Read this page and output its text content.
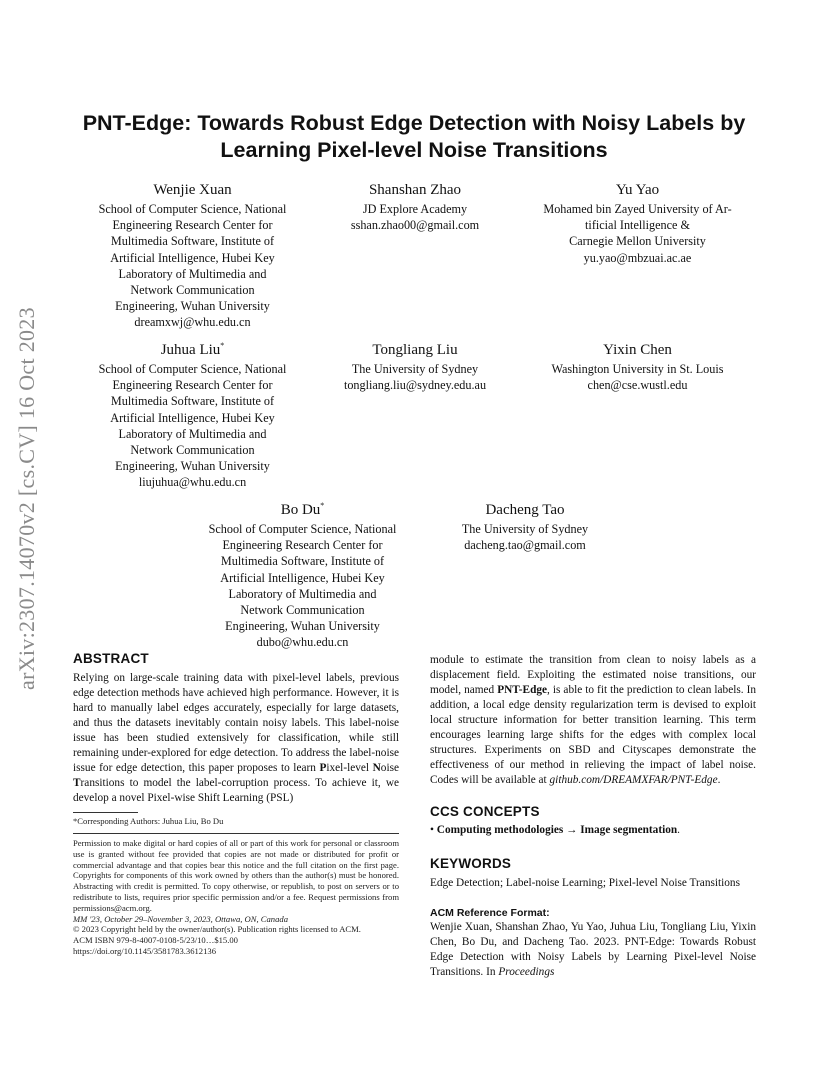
arXiv:2307.14070v2 [cs.CV] 16 Oct 2023
PNT-Edge: Towards Robust Edge Detection with Noisy Labels by Learning Pixel-level Noise Transitions
Wenjie Xuan
School of Computer Science, National
Engineering Research Center for
Multimedia Software, Institute of
Artificial Intelligence, Hubei Key
Laboratory of Multimedia and
Network Communication
Engineering, Wuhan University
dreamxwj@whu.edu.cn
Shanshan Zhao
JD Explore Academy
sshan.zhao00@gmail.com
Yu Yao
Mohamed bin Zayed University of Ar-
tificial Intelligence &
Carnegie Mellon University
yu.yao@mbzuai.ac.ae
Juhua Liu*
School of Computer Science, National
Engineering Research Center for
Multimedia Software, Institute of
Artificial Intelligence, Hubei Key
Laboratory of Multimedia and
Network Communication
Engineering, Wuhan University
liujuhua@whu.edu.cn
Tongliang Liu
The University of Sydney
tongliang.liu@sydney.edu.au
Yixin Chen
Washington University in St. Louis
chen@cse.wustl.edu
Bo Du*
School of Computer Science, National
Engineering Research Center for
Multimedia Software, Institute of
Artificial Intelligence, Hubei Key
Laboratory of Multimedia and
Network Communication
Engineering, Wuhan University
dubo@whu.edu.cn
Dacheng Tao
The University of Sydney
dacheng.tao@gmail.com
ABSTRACT
Relying on large-scale training data with pixel-level labels, previous edge detection methods have achieved high performance. However, it is hard to manually label edges accurately, especially for large datasets, and thus the datasets inevitably contain noisy labels. This label-noise issue has been studied extensively for classification, while still remaining under-explored for edge detection. To address the label-noise issue for edge detection, this paper proposes to learn Pixel-level Noise Transitions to model the label-corruption process. To achieve it, we develop a novel Pixel-wise Shift Learning (PSL)
module to estimate the transition from clean to noisy labels as a displacement field. Exploiting the estimated noise transitions, our model, named PNT-Edge, is able to fit the prediction to clean labels. In addition, a local edge density regularization term is devised to exploit local structure information for better transition learning. This term encourages learning large shifts for the edges with complex local structures. Experiments on SBD and Cityscapes demonstrate the effectiveness of our method in relieving the impact of label noise. Codes will be available at github.com/DREAMXFAR/PNT-Edge.
*Corresponding Authors: Juhua Liu, Bo Du
Permission to make digital or hard copies of all or part of this work for personal or classroom use is granted without fee provided that copies are not made or distributed for profit or commercial advantage and that copies bear this notice and the full citation on the first page. Copyrights for components of this work owned by others than the author(s) must be honored. Abstracting with credit is permitted. To copy otherwise, or republish, to post on servers or to redistribute to lists, requires prior specific permission and/or a fee. Request permissions from permissions@acm.org.
MM '23, October 29–November 3, 2023, Ottawa, ON, Canada
© 2023 Copyright held by the owner/author(s). Publication rights licensed to ACM.
ACM ISBN 979-8-4007-0108-5/23/10…$15.00
https://doi.org/10.1145/3581783.3612136
CCS CONCEPTS
• Computing methodologies → Image segmentation.
KEYWORDS
Edge Detection; Label-noise Learning; Pixel-level Noise Transitions
ACM Reference Format:
Wenjie Xuan, Shanshan Zhao, Yu Yao, Juhua Liu, Tongliang Liu, Yixin Chen, Bo Du, and Dacheng Tao. 2023. PNT-Edge: Towards Robust Edge Detection with Noisy Labels by Learning Pixel-level Noise Transitions. In Proceedings
